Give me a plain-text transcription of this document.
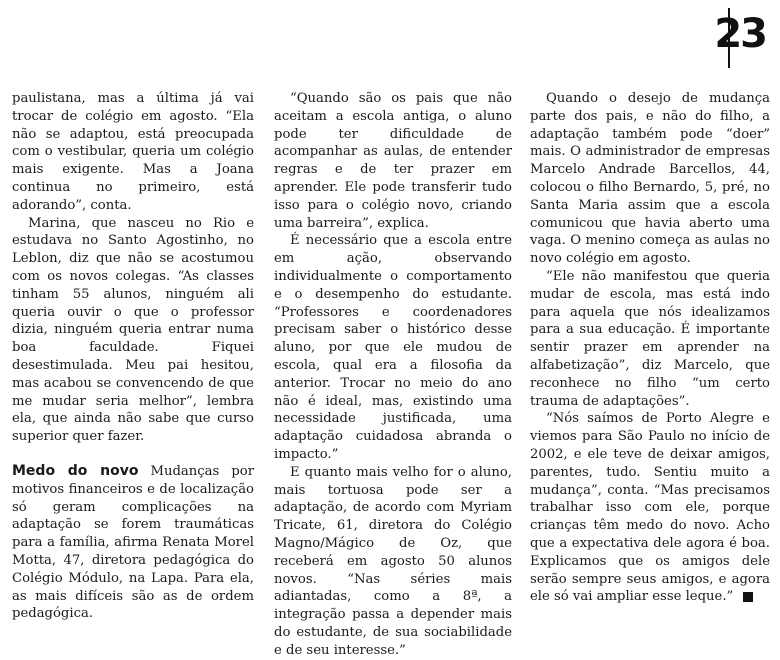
23

paulistana, mas a última já vai trocar de colégio em agosto. “Ela não se adaptou, está preocupada com o vestibular, queria um colégio mais exigente. Mas a Joana continua no primeiro, está adorando”, conta.

Marina, que nasceu no Rio e estudava no Santo Agostinho, no Leblon, diz que não se acostumou com os novos colegas. “As classes tinham 55 alunos, ninguém ali queria ouvir o que o professor dizia, ninguém queria entrar numa boa faculdade. Fiquei desestimulada. Meu pai hesitou, mas acabou se convencendo de que me mudar seria melhor”, lembra ela, que ainda não sabe que curso superior quer fazer.

Medo do novo Mudanças por motivos financeiros e de localização só geram complicações na adaptação se forem traumáticas para a família, afirma Renata Morel Motta, 47, diretora pedagógica do Colégio Módulo, na Lapa. Para ela, as mais difíceis são as de ordem pedagógica.

“Quando são os pais que não aceitam a escola antiga, o aluno pode ter dificuldade de acompanhar as aulas, de entender regras e de ter prazer em aprender. Ele pode transferir tudo isso para o colégio novo, criando uma barreira”, explica.

É necessário que a escola entre em ação, observando individualmente o comportamento e o desempenho do estudante. “Professores e coordenadores precisam saber o histórico desse aluno, por que ele mudou de escola, qual era a filosofia da anterior. Trocar no meio do ano não é ideal, mas, existindo uma necessidade justificada, uma adaptação cuidadosa abranda o impacto.”

E quanto mais velho for o aluno, mais tortuosa pode ser a adaptação, de acordo com Myriam Tricate, 61, diretora do Colégio Magno/Mágico de Oz, que receberá em agosto 50 alunos novos. “Nas séries mais adiantadas, como a 8ª, a integração passa a depender mais do estudante, de sua sociabilidade e de seu interesse.”

Quando o desejo de mudança parte dos pais, e não do filho, a adaptação também pode “doer” mais. O administrador de empresas Marcelo Andrade Barcellos, 44, colocou o filho Bernardo, 5, pré, no Santa Maria assim que a escola comunicou que havia aberto uma vaga. O menino começa as aulas no novo colégio em agosto.

“Ele não manifestou que queria mudar de escola, mas está indo para aquela que nós idealizamos para a sua educação. É importante sentir prazer em aprender na alfabetização”, diz Marcelo, que reconhece no filho “um certo trauma de adaptações”.

“Nós saímos de Porto Alegre e viemos para São Paulo no início de 2002, e ele teve de deixar amigos, parentes, tudo. Sentiu muito a mudança”, conta. “Mas precisamos trabalhar isso com ele, porque crianças têm medo do novo. Acho que a expectativa dele agora é boa. Explicamos que os amigos dele serão sempre seus amigos, e agora ele só vai ampliar esse leque.”
